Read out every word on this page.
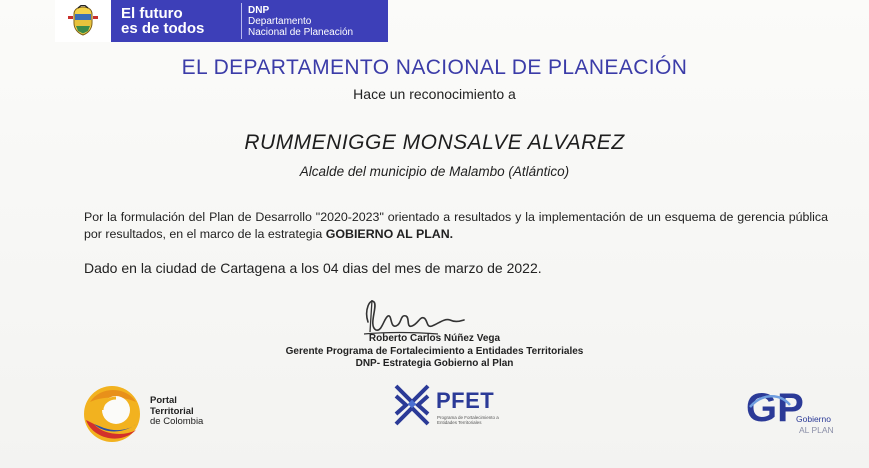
El futuro
es de todos
DNP
Departamento
Nacional de Planeación
EL DEPARTAMENTO NACIONAL DE PLANEACIÓN
Hace un reconocimiento a
RUMMENIGGE MONSALVE ALVAREZ
Alcalde del municipio de Malambo (Atlántico)
Por la formulación del Plan de Desarrollo "2020-2023" orientado a resultados y la implementación de un esquema de gerencia pública por resultados, en el marco de la estrategia GOBIERNO AL PLAN.
Dado en la ciudad de Cartagena a los 04 dias del mes de marzo de 2022.
Roberto Carlos Núñez Vega
Gerente Programa de Fortalecimiento a Entidades Territoriales
DNP- Estrategia Gobierno al Plan
Portal
Territorial
de Colombia
PFET
Programa de Fortalecimiento a Entidades Territoriales	GP
Gobierno
AL PLAN
